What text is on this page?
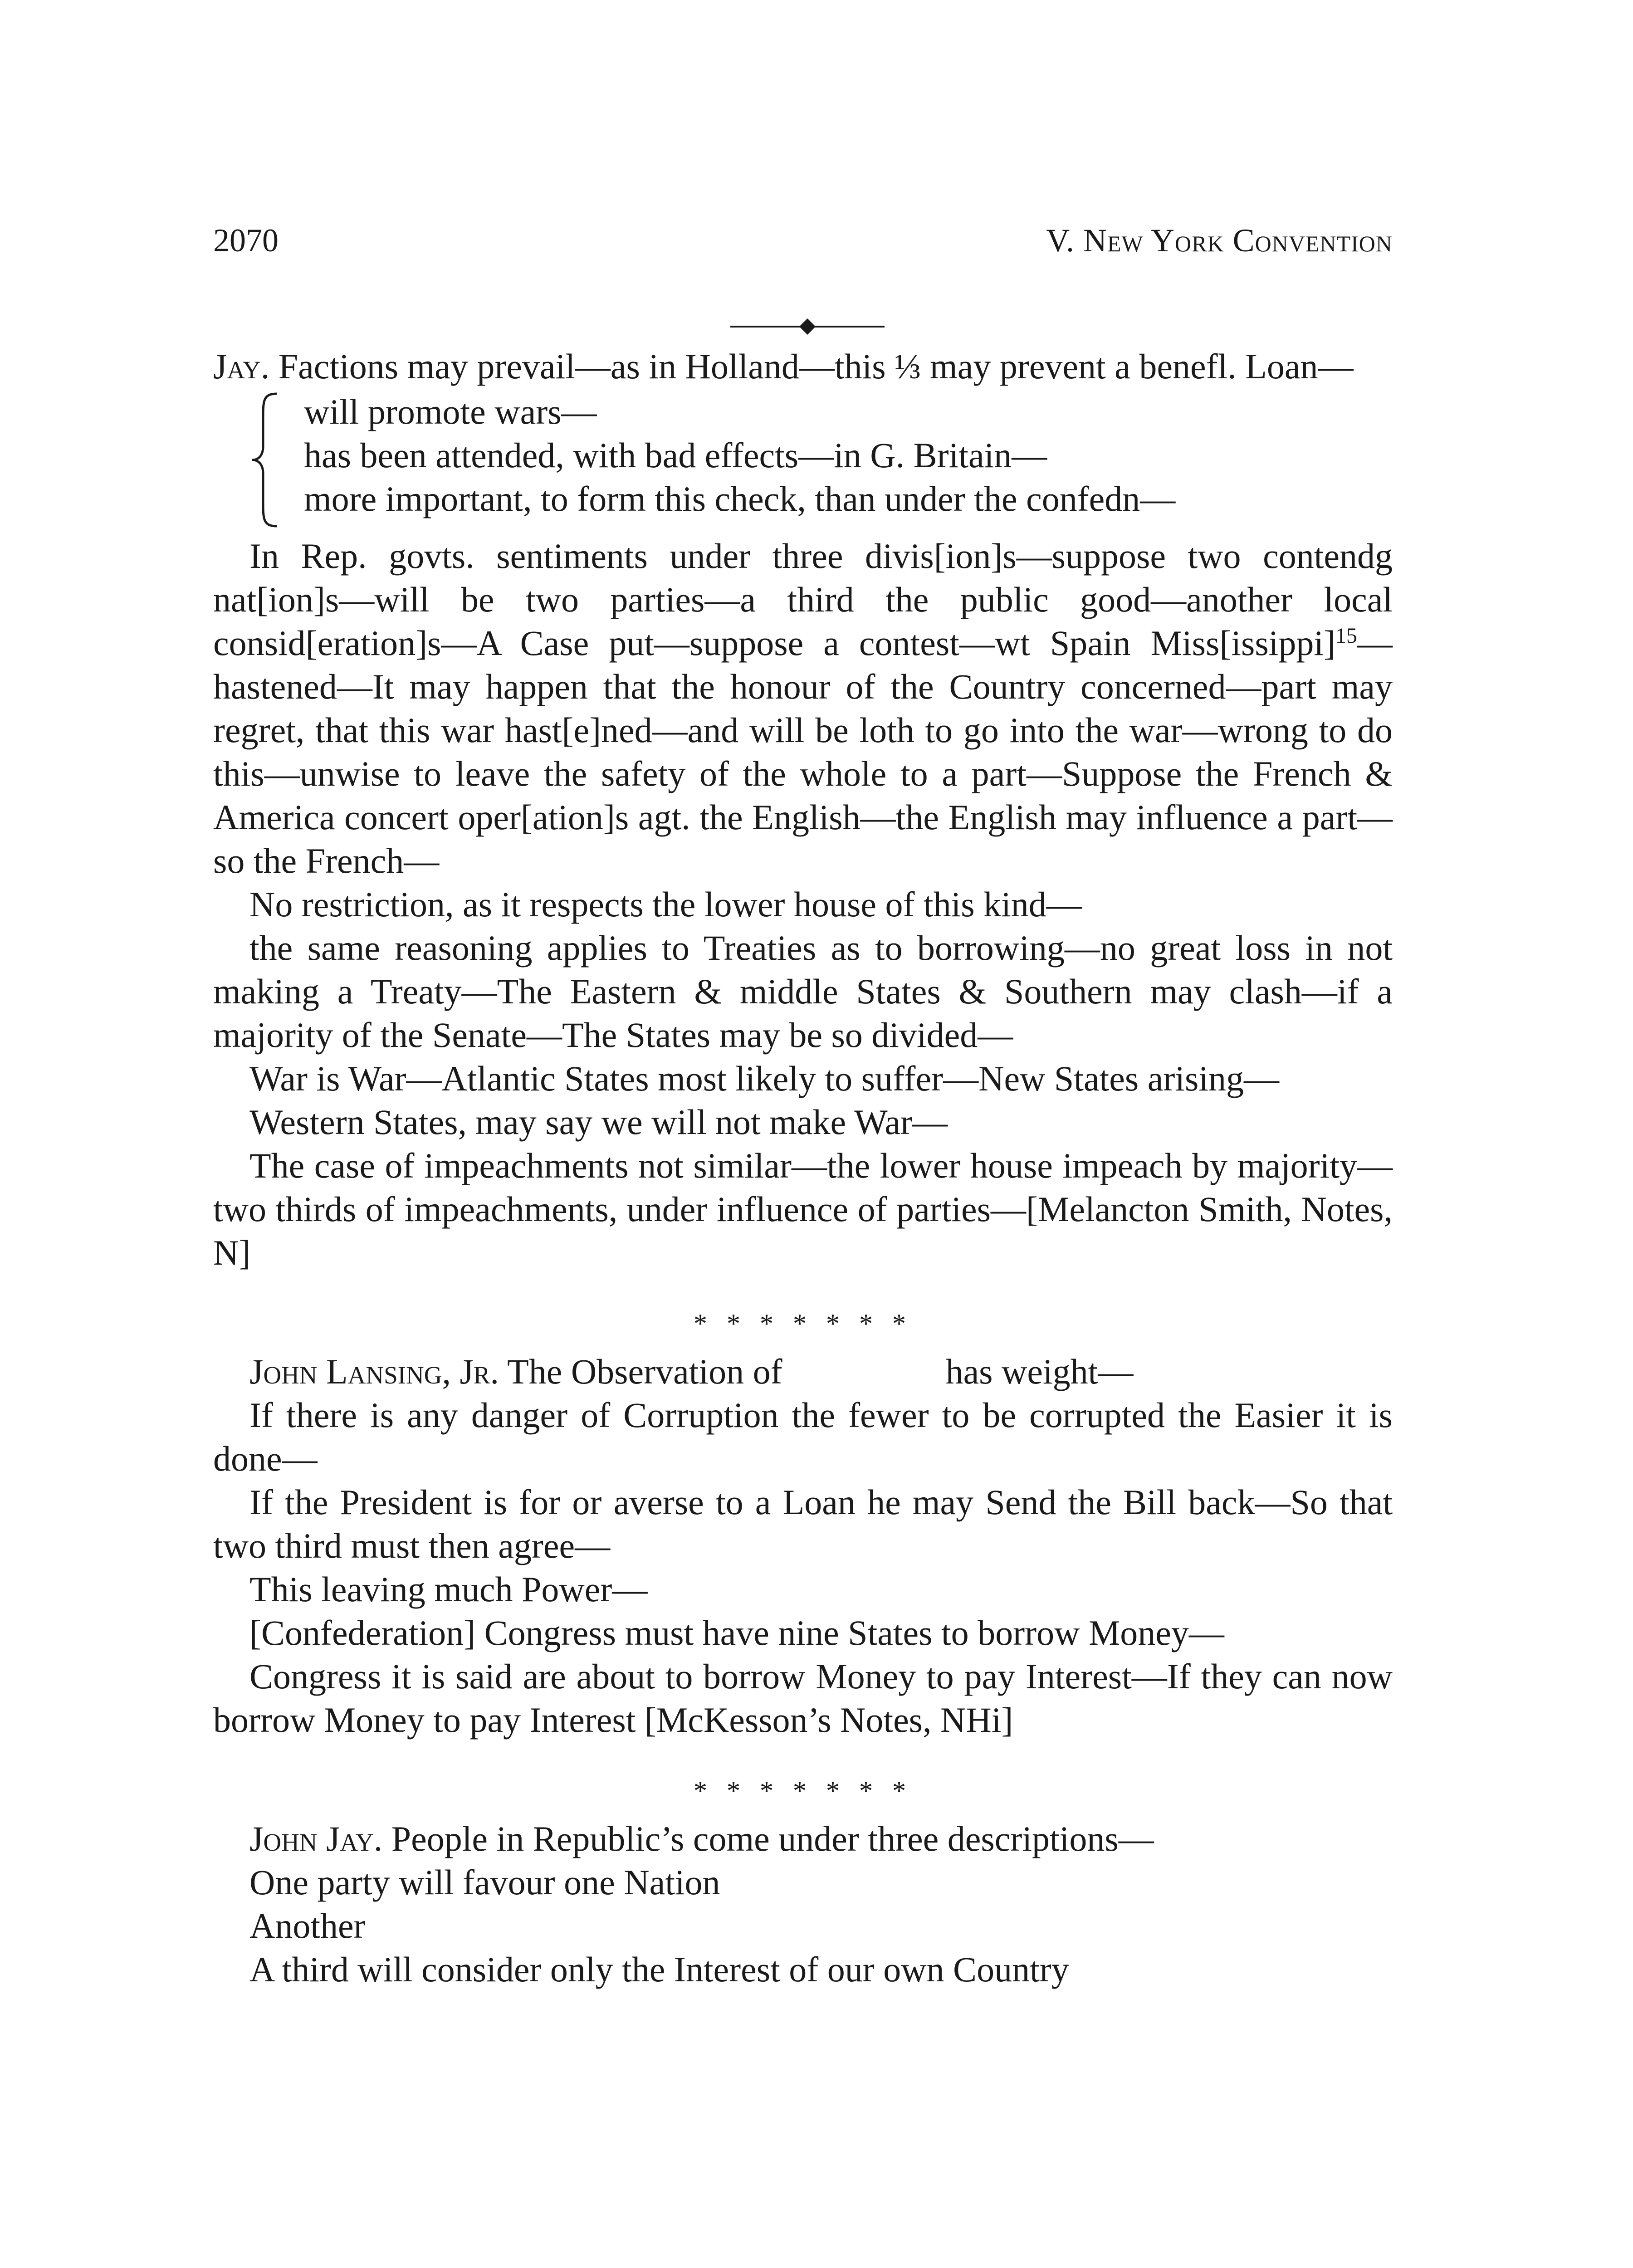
2070	V. New York Convention

Jay. Factions may prevail—as in Holland—this ⅓ may prevent a benefl. Loan—

will promote wars—

has been attended, with bad effects—in G. Britain—

more important, to form this check, than under the confedn—

In Rep. govts. sentiments under three divis[ion]s—suppose two contendg nat[ion]s—will be two parties—a third the public good—another local consid[eration]s—A Case put—suppose a contest—wt Spain Miss[issippi]$^{15}$—hastened—It may happen that the honour of the Country concerned—part may regret, that this war hast[e]ned—and will be loth to go into the war—wrong to do this—unwise to leave the safety of the whole to a part—Suppose the French & America concert oper[ation]s agt. the English—the English may influence a part—so the French—

No restriction, as it respects the lower house of this kind—

the same reasoning applies to Treaties as to borrowing—no great loss in not making a Treaty—The Eastern & middle States & Southern may clash—if a majority of the Senate—The States may be so divided—

War is War—Atlantic States most likely to suffer—New States arising—

Western States, may say we will not make War—

The case of impeachments not similar—the lower house impeach by majority—two thirds of impeachments, under influence of parties—[Melancton Smith, Notes, N]

* * * * * * *

John Lansing, Jr. The Observation of	has weight—

If there is any danger of Corruption the fewer to be corrupted the Easier it is done—

If the President is for or averse to a Loan he may Send the Bill back—So that two third must then agree—

This leaving much Power—

[Confederation] Congress must have nine States to borrow Money—

Congress it is said are about to borrow Money to pay Interest—If they can now borrow Money to pay Interest [McKesson’s Notes, NHi]

* * * * * * *

John Jay. People in Republic’s come under three descriptions—

One party will favour one Nation

Another

A third will consider only the Interest of our own Country
